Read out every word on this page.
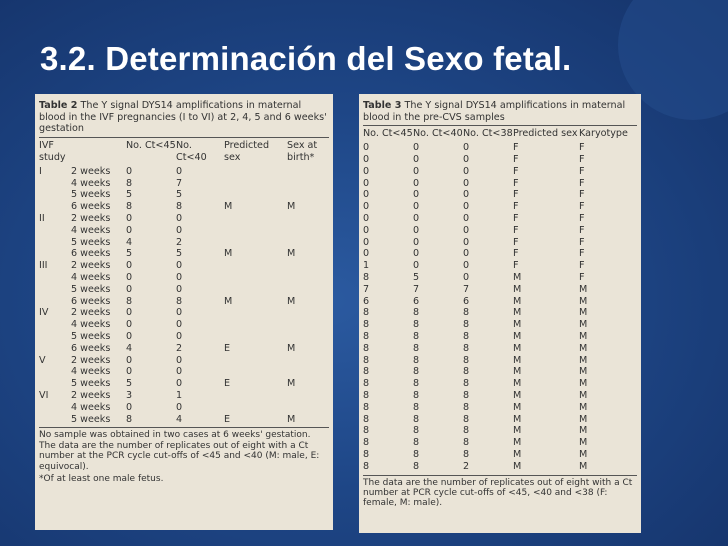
3.2. Determinación del Sexo fetal.
Table 2 The Y signal DYS14 amplifications in maternal blood in the IVF pregnancies (I to VI) at 2, 4, 5 and 6 weeks' gestation
IVF study		No. Ct<45	No. Ct<40	Predicted sex	Sex at birth*
I	2 weeks	0	0		
	4 weeks	8	7		
	5 weeks	5	5		
	6 weeks	8	8	M	M
II	2 weeks	0	0		
	4 weeks	0	0		
	5 weeks	4	2		
	6 weeks	5	5	M	M
III	2 weeks	0	0		
	4 weeks	0	0		
	5 weeks	0	0		
	6 weeks	8	8	M	M
IV	2 weeks	0	0		
	4 weeks	0	0		
	5 weeks	0	0		
	6 weeks	4	2	E	M
V	2 weeks	0	0		
	4 weeks	0	0		
	5 weeks	5	0	E	M
VI	2 weeks	3	1		
	4 weeks	0	0		
	5 weeks	8	4	E	M
No sample was obtained in two cases at 6 weeks' gestation. The data are the number of replicates out of eight with a Ct number at the PCR cycle cut-offs of <45 and <40 (M: male, E: equivocal).
*Of at least one male fetus.
Table 3 The Y signal DYS14 amplifications in maternal blood in the pre-CVS samples
No. Ct<45	No. Ct<40	No. Ct<38	Predicted sex	Karyotype
0	0	0	F	F
0	0	0	F	F
0	0	0	F	F
0	0	0	F	F
0	0	0	F	F
0	0	0	F	F
0	0	0	F	F
0	0	0	F	F
0	0	0	F	F
0	0	0	F	F
1	0	0	F	F
8	5	0	M	F
7	7	7	M	M
6	6	6	M	M
8	8	8	M	M
8	8	8	M	M
8	8	8	M	M
8	8	8	M	M
8	8	8	M	M
8	8	8	M	M
8	8	8	M	M
8	8	8	M	M
8	8	8	M	M
8	8	8	M	M
8	8	8	M	M
8	8	8	M	M
8	8	8	M	M
8	8	2	M	M
The data are the number of replicates out of eight with a Ct number at PCR cycle cut-offs of <45, <40 and <38 (F: female, M: male).
